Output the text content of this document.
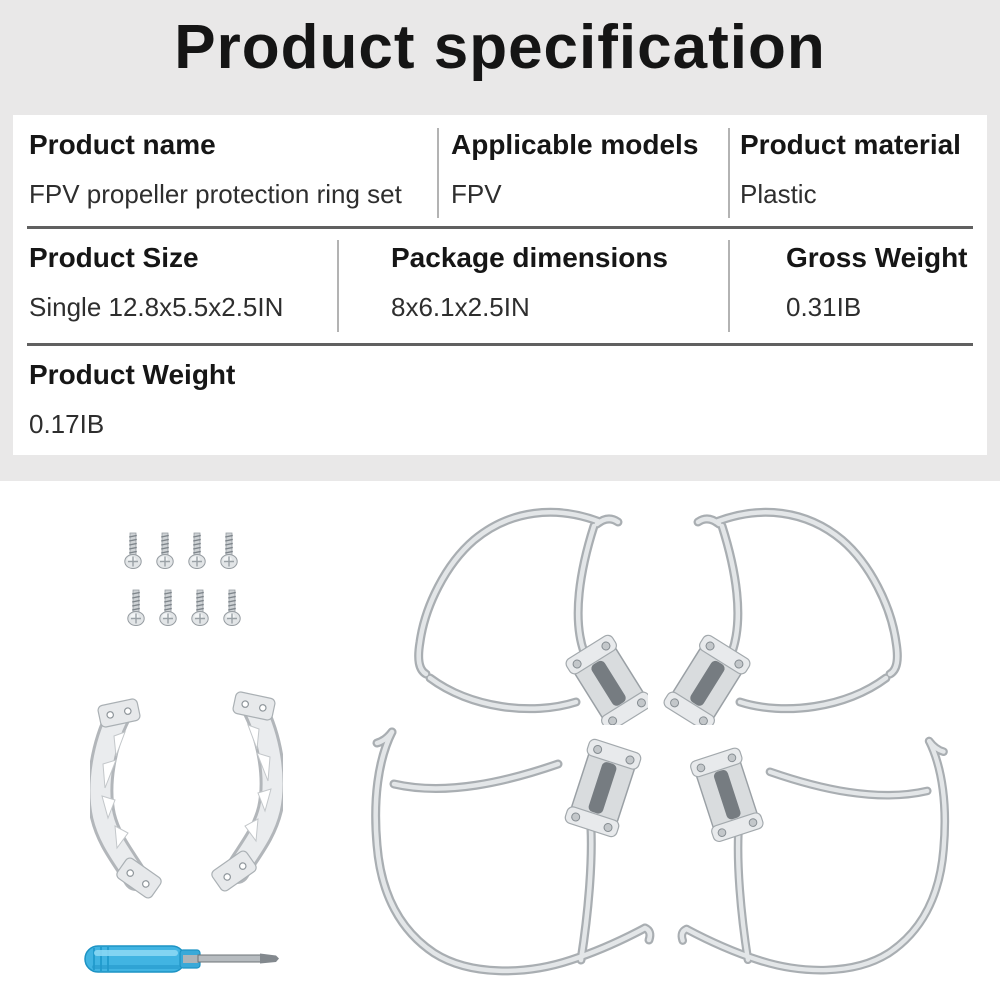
Product specification
Product name
FPV propeller protection ring set
Applicable models
FPV
Product material
Plastic
Product Size
Single 12.8x5.5x2.5IN
Package dimensions
8x6.1x2.5IN
Gross Weight
0.31IB
Product Weight
0.17IB
